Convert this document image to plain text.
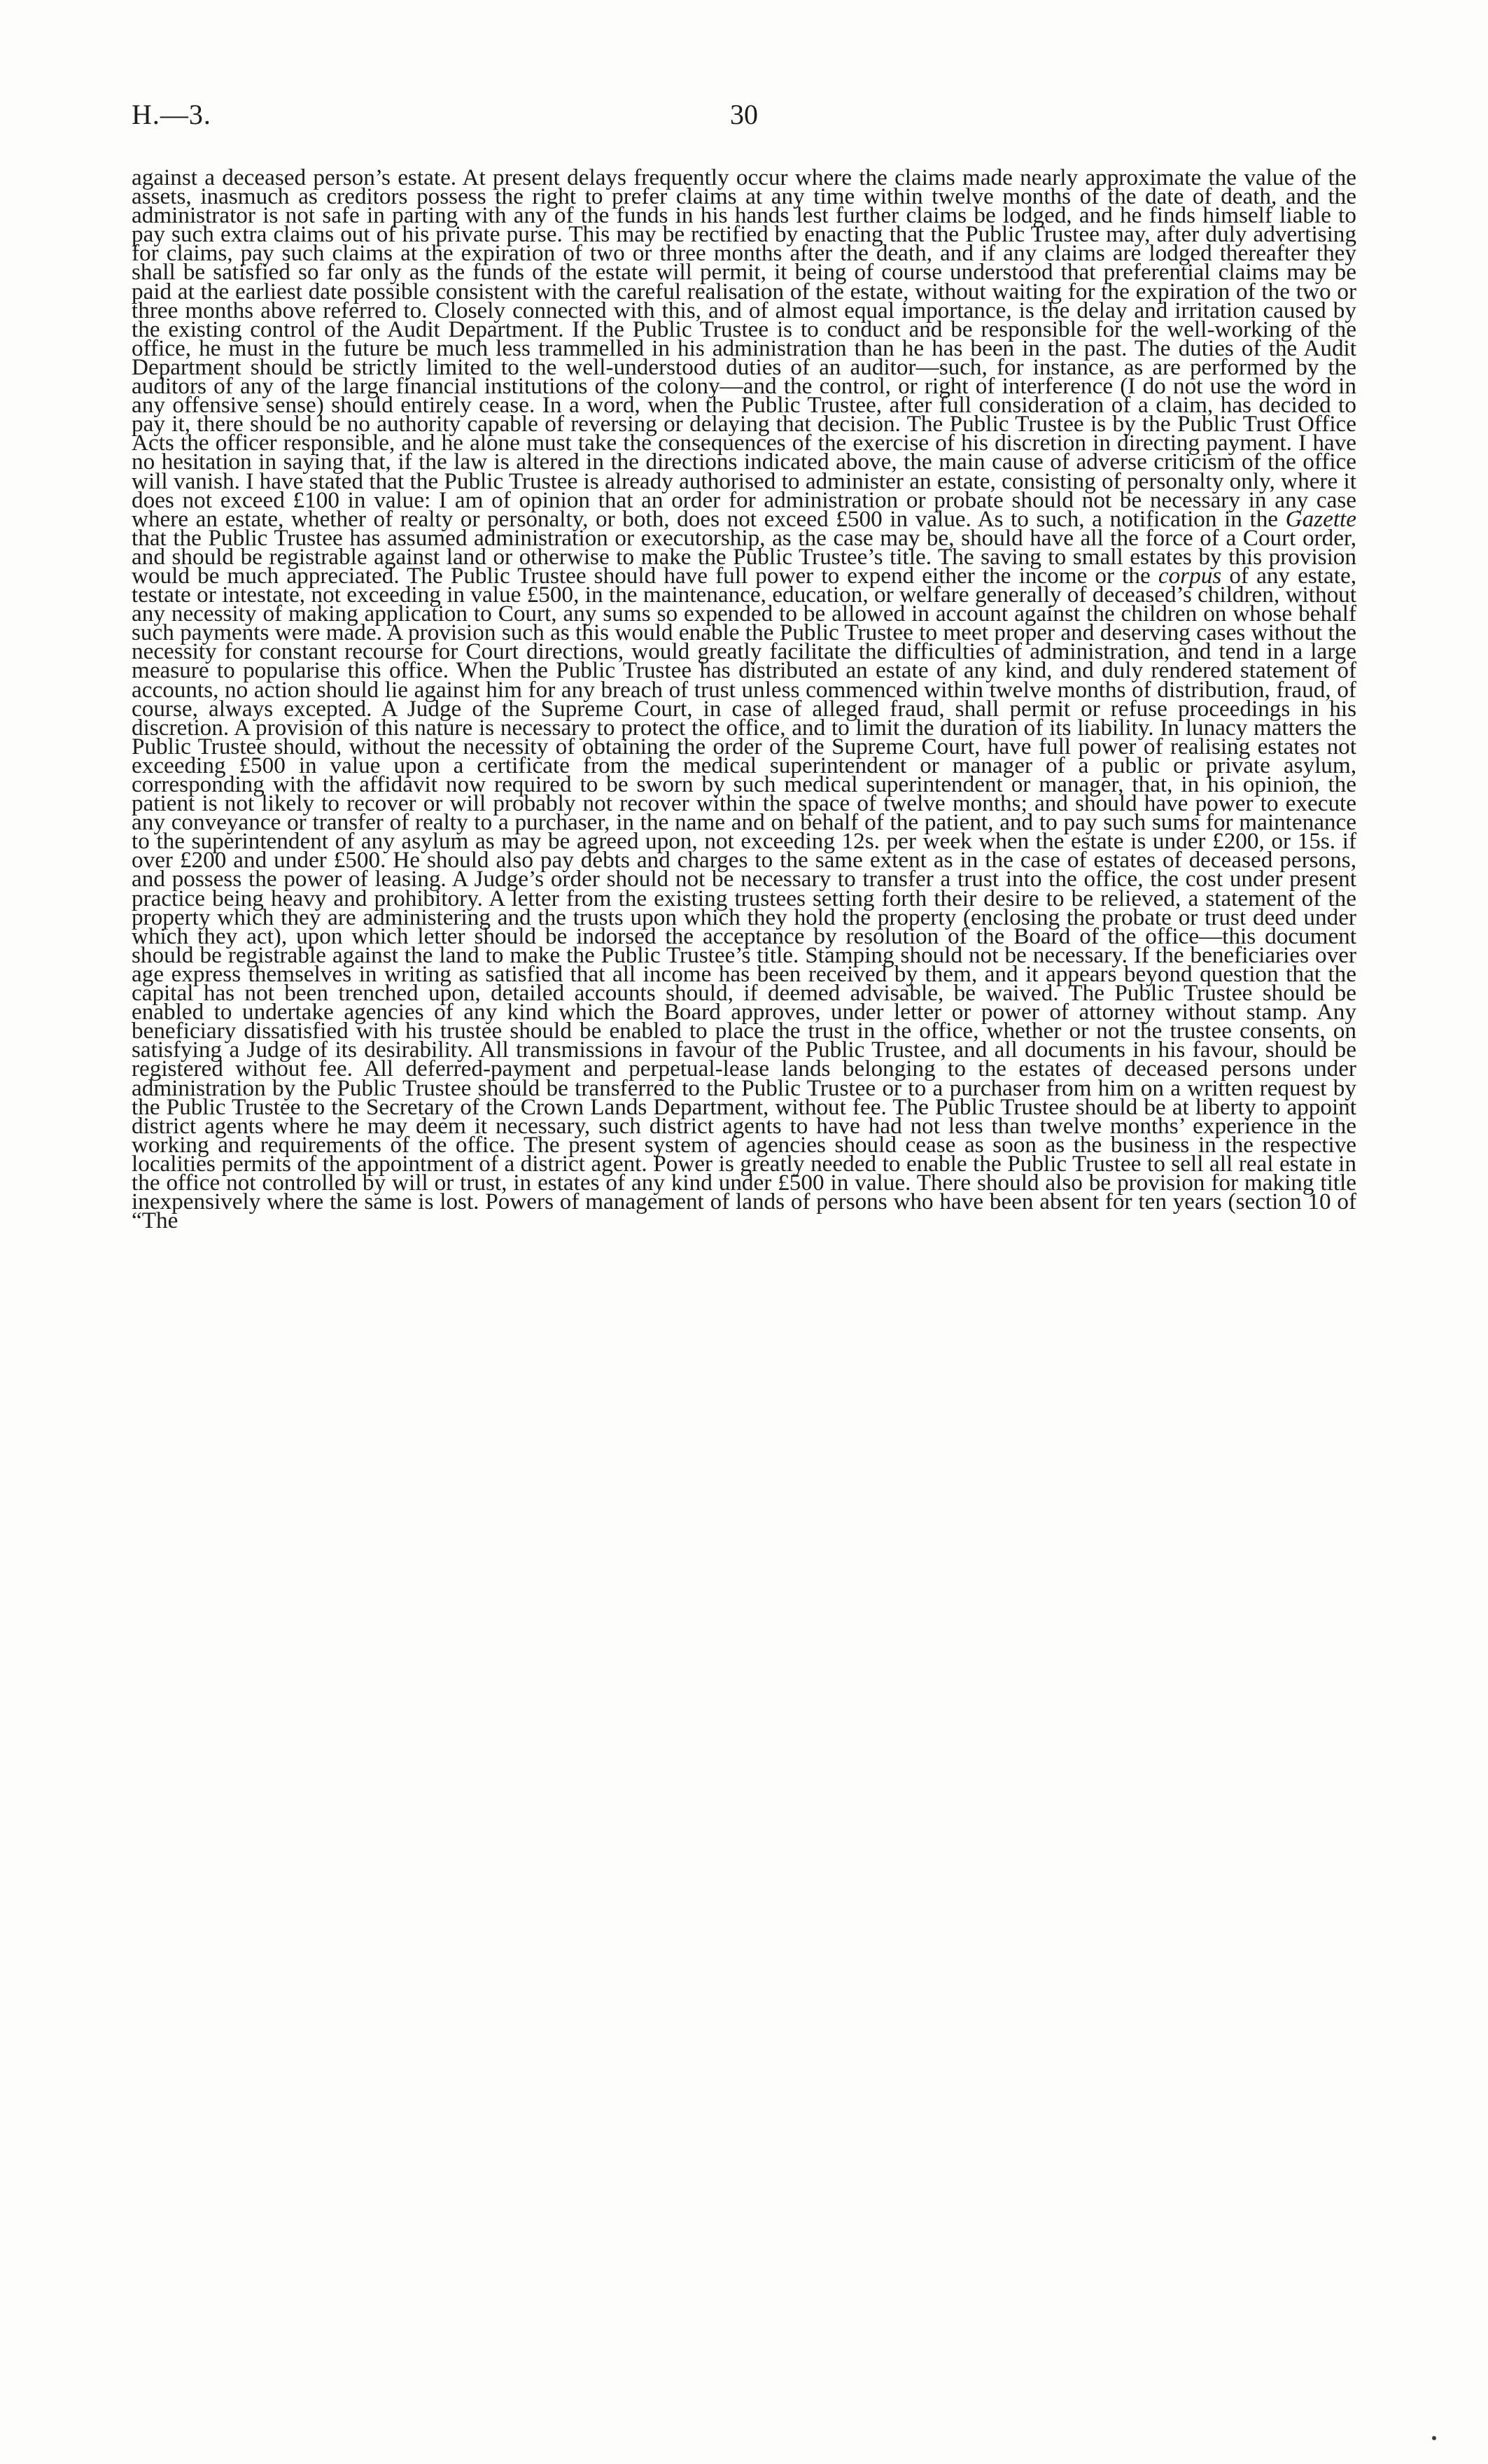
H.—3.	30

against a deceased person’s estate. At present delays frequently occur where the claims made nearly approximate the value of the assets, inasmuch as creditors possess the right to prefer claims at any time within twelve months of the date of death, and the administrator is not safe in parting with any of the funds in his hands lest further claims be lodged, and he finds himself liable to pay such extra claims out of his private purse. This may be rectified by enacting that the Public Trustee may, after duly advertising for claims, pay such claims at the expiration of two or three months after the death, and if any claims are lodged thereafter they shall be satisfied so far only as the funds of the estate will permit, it being of course understood that preferential claims may be paid at the earliest date possible consistent with the careful realisation of the estate, without waiting for the expiration of the two or three months above referred to. Closely connected with this, and of almost equal importance, is the delay and irritation caused by the existing control of the Audit Department. If the Public Trustee is to conduct and be responsible for the well-working of the office, he must in the future be much less trammelled in his administration than he has been in the past. The duties of the Audit Department should be strictly limited to the well-understood duties of an auditor—such, for instance, as are performed by the auditors of any of the large financial institutions of the colony—and the control, or right of interference (I do not use the word in any offensive sense) should entirely cease. In a word, when the Public Trustee, after full consideration of a claim, has decided to pay it, there should be no authority capable of reversing or delaying that decision. The Public Trustee is by the Public Trust Office Acts the officer responsible, and he alone must take the consequences of the exercise of his discretion in directing payment. I have no hesitation in saying that, if the law is altered in the directions indicated above, the main cause of adverse criticism of the office will vanish. I have stated that the Public Trustee is already authorised to administer an estate, consisting of personalty only, where it does not exceed £100 in value: I am of opinion that an order for administration or probate should not be necessary in any case where an estate, whether of realty or personalty, or both, does not exceed £500 in value. As to such, a notification in the Gazette that the Public Trustee has assumed administration or executorship, as the case may be, should have all the force of a Court order, and should be registrable against land or otherwise to make the Public Trustee’s title. The saving to small estates by this provision would be much appreciated. The Public Trustee should have full power to expend either the income or the corpus of any estate, testate or intestate, not exceeding in value £500, in the maintenance, education, or welfare generally of deceased’s children, without any necessity of making application to Court, any sums so expended to be allowed in account against the children on whose behalf such payments were made. A provision such as this would enable the Public Trustee to meet proper and deserving cases without the necessity for constant recourse for Court directions, would greatly facilitate the difficulties of administration, and tend in a large measure to popularise this office. When the Public Trustee has distributed an estate of any kind, and duly rendered statement of accounts, no action should lie against him for any breach of trust unless commenced within twelve months of distribution, fraud, of course, always excepted. A Judge of the Supreme Court, in case of alleged fraud, shall permit or refuse proceedings in his discretion. A provision of this nature is necessary to protect the office, and to limit the duration of its liability. In lunacy matters the Public Trustee should, without the necessity of obtaining the order of the Supreme Court, have full power of realising estates not exceeding £500 in value upon a certificate from the medical superintendent or manager of a public or private asylum, corresponding with the affidavit now required to be sworn by such medical superintendent or manager, that, in his opinion, the patient is not likely to recover or will probably not recover within the space of twelve months; and should have power to execute any conveyance or transfer of realty to a purchaser, in the name and on behalf of the patient, and to pay such sums for maintenance to the superintendent of any asylum as may be agreed upon, not exceeding 12s. per week when the estate is under £200, or 15s. if over £200 and under £500. He should also pay debts and charges to the same extent as in the case of estates of deceased persons, and possess the power of leasing. A Judge’s order should not be necessary to transfer a trust into the office, the cost under present practice being heavy and prohibitory. A letter from the existing trustees setting forth their desire to be relieved, a statement of the property which they are administering and the trusts upon which they hold the property (enclosing the probate or trust deed under which they act), upon which letter should be indorsed the acceptance by resolution of the Board of the office—this document should be registrable against the land to make the Public Trustee’s title. Stamping should not be necessary. If the beneficiaries over age express themselves in writing as satisfied that all income has been received by them, and it appears beyond question that the capital has not been trenched upon, detailed accounts should, if deemed advisable, be waived. The Public Trustee should be enabled to undertake agencies of any kind which the Board approves, under letter or power of attorney without stamp. Any beneficiary dissatisfied with his trustee should be enabled to place the trust in the office, whether or not the trustee consents, on satisfying a Judge of its desirability. All transmissions in favour of the Public Trustee, and all documents in his favour, should be registered without fee. All deferred-payment and perpetual-lease lands belonging to the estates of deceased persons under administration by the Public Trustee should be transferred to the Public Trustee or to a purchaser from him on a written request by the Public Trustee to the Secretary of the Crown Lands Department, without fee. The Public Trustee should be at liberty to appoint district agents where he may deem it necessary, such district agents to have had not less than twelve months’ experience in the working and requirements of the office. The present system of agencies should cease as soon as the business in the respective localities permits of the appointment of a district agent. Power is greatly needed to enable the Public Trustee to sell all real estate in the office not controlled by will or trust, in estates of any kind under £500 in value. There should also be provision for making title inexpensively where the same is lost. Powers of management of lands of persons who have been absent for ten years (section 10 of “The
